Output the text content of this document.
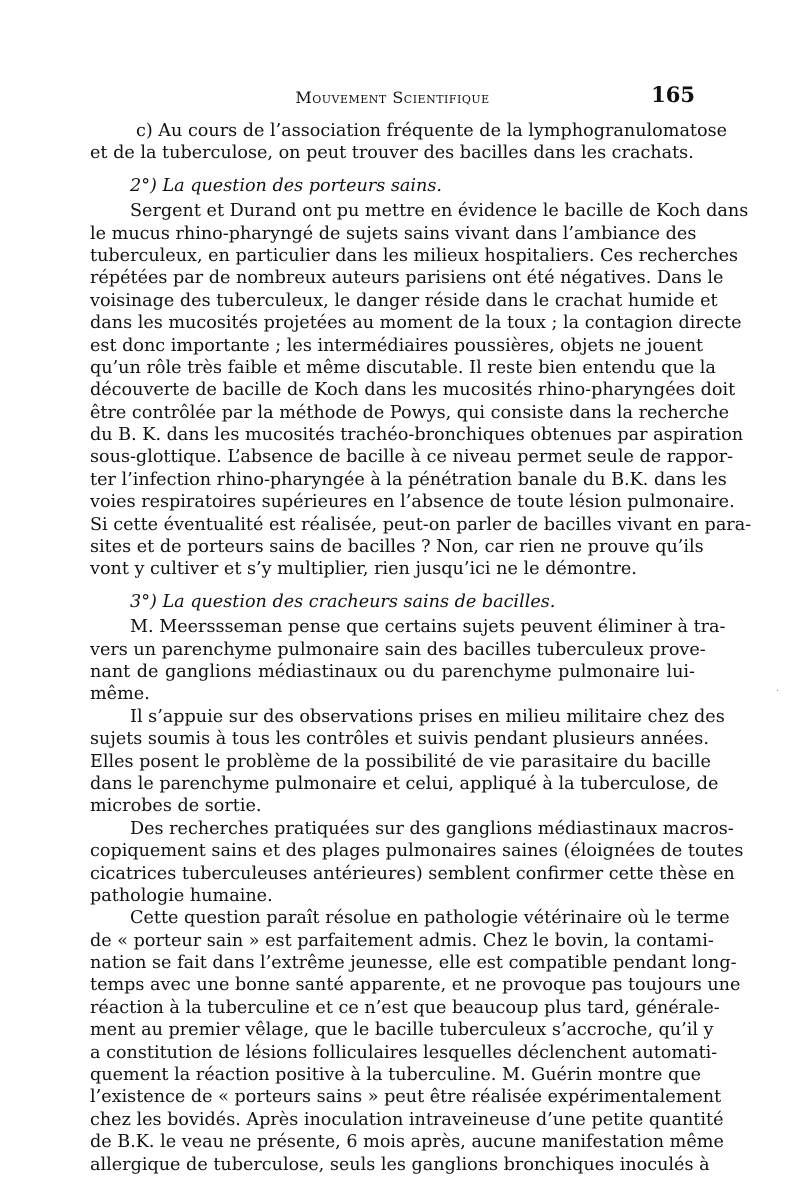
Mouvement Scientifique	165
c) Au cours de l’association fréquente de la lymphogranulomatose
et de la tuberculose, on peut trouver des bacilles dans les crachats.
2°) La question des porteurs sains.
Sergent et Durand ont pu mettre en évidence le bacille de Koch dans
le mucus rhino-pharyngé de sujets sains vivant dans l’ambiance des
tuberculeux, en particulier dans les milieux hospitaliers. Ces recherches
répétées par de nombreux auteurs parisiens ont été négatives. Dans le
voisinage des tuberculeux, le danger réside dans le crachat humide et
dans les mucosités projetées au moment de la toux ; la contagion directe
est donc importante ; les intermédiaires poussières, objets ne jouent
qu’un rôle très faible et même discutable. Il reste bien entendu que la
découverte de bacille de Koch dans les mucosités rhino-pharyngées doit
être contrôlée par la méthode de Powys, qui consiste dans la recherche
du B. K. dans les mucosités trachéo-bronchiques obtenues par aspiration
sous-glottique. L’absence de bacille à ce niveau permet seule de rappor-
ter l’infection rhino-pharyngée à la pénétration banale du B.K. dans les
voies respiratoires supérieures en l’absence de toute lésion pulmonaire.
Si cette éventualité est réalisée, peut-on parler de bacilles vivant en para-
sites et de porteurs sains de bacilles ? Non, car rien ne prouve qu’ils
vont y cultiver et s’y multiplier, rien jusqu’ici ne le démontre.
3°) La question des cracheurs sains de bacilles.
M. Meerssseman pense que certains sujets peuvent éliminer à tra-
vers un parenchyme pulmonaire sain des bacilles tuberculeux prove-
nant de ganglions médiastinaux ou du parenchyme pulmonaire lui-
même.
Il s’appuie sur des observations prises en milieu militaire chez des
sujets soumis à tous les contrôles et suivis pendant plusieurs années.
Elles posent le problème de la possibilité de vie parasitaire du bacille
dans le parenchyme pulmonaire et celui, appliqué à la tuberculose, de
microbes de sortie.
Des recherches pratiquées sur des ganglions médiastinaux macros-
copiquement sains et des plages pulmonaires saines (éloignées de toutes
cicatrices tuberculeuses antérieures) semblent confirmer cette thèse en
pathologie humaine.
Cette question paraît résolue en pathologie vétérinaire où le terme
de « porteur sain » est parfaitement admis. Chez le bovin, la contami-
nation se fait dans l’extrême jeunesse, elle est compatible pendant long-
temps avec une bonne santé apparente, et ne provoque pas toujours une
réaction à la tuberculine et ce n’est que beaucoup plus tard, générale-
ment au premier vêlage, que le bacille tuberculeux s’accroche, qu’il y
a constitution de lésions folliculaires lesquelles déclenchent automati-
quement la réaction positive à la tuberculine. M. Guérin montre que
l’existence de « porteurs sains » peut être réalisée expérimentalement
chez les bovidés. Après inoculation intraveineuse d’une petite quantité
de B.K. le veau ne présente, 6 mois après, aucune manifestation même
allergique de tuberculose, seuls les ganglions bronchiques inoculés à
·
